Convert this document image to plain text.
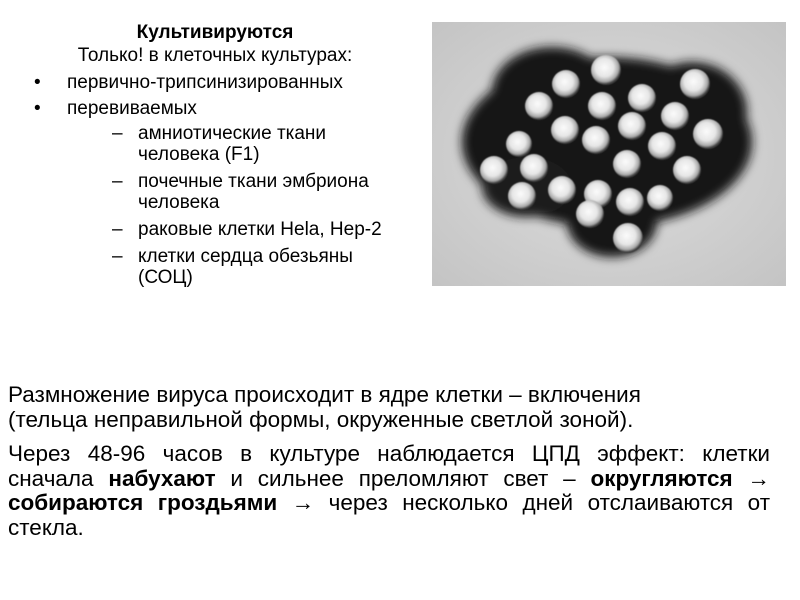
Культивируются
Только! в клеточных культурах:
• первично-трипсинизированных
• перевиваемых
– амниотические ткани
человека (F1)
– почечные ткани эмбриона
человека
– раковые клетки Hela, Hep-2
– клетки сердца обезьяны
(СОЦ)

Размножение вируса происходит в ядре клетки – включения
(тельца неправильной формы, окруженные светлой зоной).

Через 48-96 часов в культуре наблюдается ЦПД эффект: клетки сначала набухают и сильнее преломляют свет – округляются → собираются гроздьями → через несколько дней отслаиваются от стекла.
